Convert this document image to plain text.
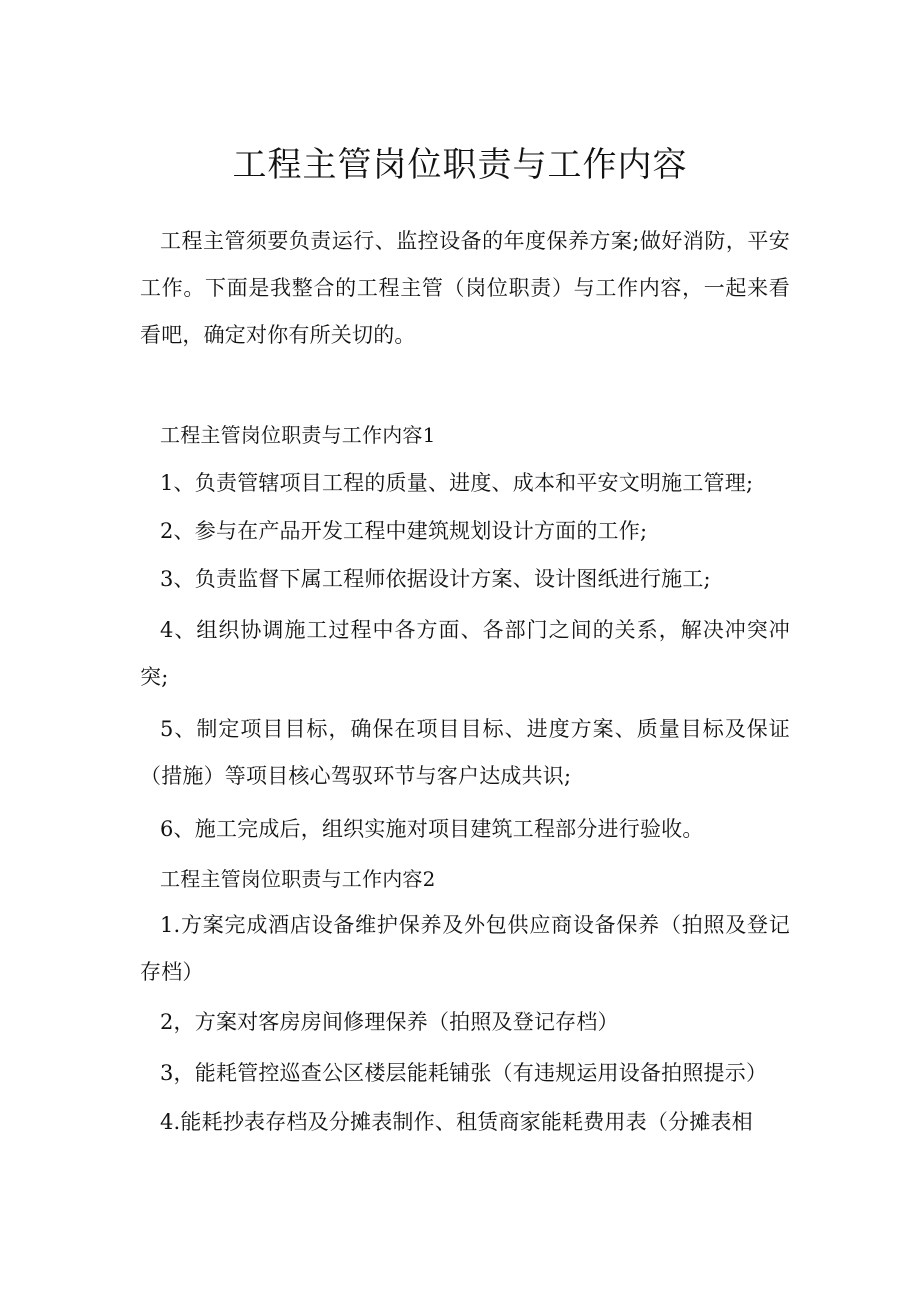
工程主管岗位职责与工作内容

工程主管须要负责运行、监控设备的年度保养方案;做好消防，平安工作。下面是我整合的工程主管（岗位职责）与工作内容，一起来看看吧，确定对你有所关切的。

工程主管岗位职责与工作内容1

1、负责管辖项目工程的质量、进度、成本和平安文明施工管理;

2、参与在产品开发工程中建筑规划设计方面的工作;

3、负责监督下属工程师依据设计方案、设计图纸进行施工;

4、组织协调施工过程中各方面、各部门之间的关系，解决冲突冲突;

5、制定项目目标，确保在项目目标、进度方案、质量目标及保证（措施）等项目核心驾驭环节与客户达成共识;

6、施工完成后，组织实施对项目建筑工程部分进行验收。

工程主管岗位职责与工作内容2

1.方案完成酒店设备维护保养及外包供应商设备保养（拍照及登记存档）

2，方案对客房房间修理保养（拍照及登记存档）

3，能耗管控巡查公区楼层能耗铺张（有违规运用设备拍照提示）

4.能耗抄表存档及分摊表制作、租赁商家能耗费用表（分摊表相
